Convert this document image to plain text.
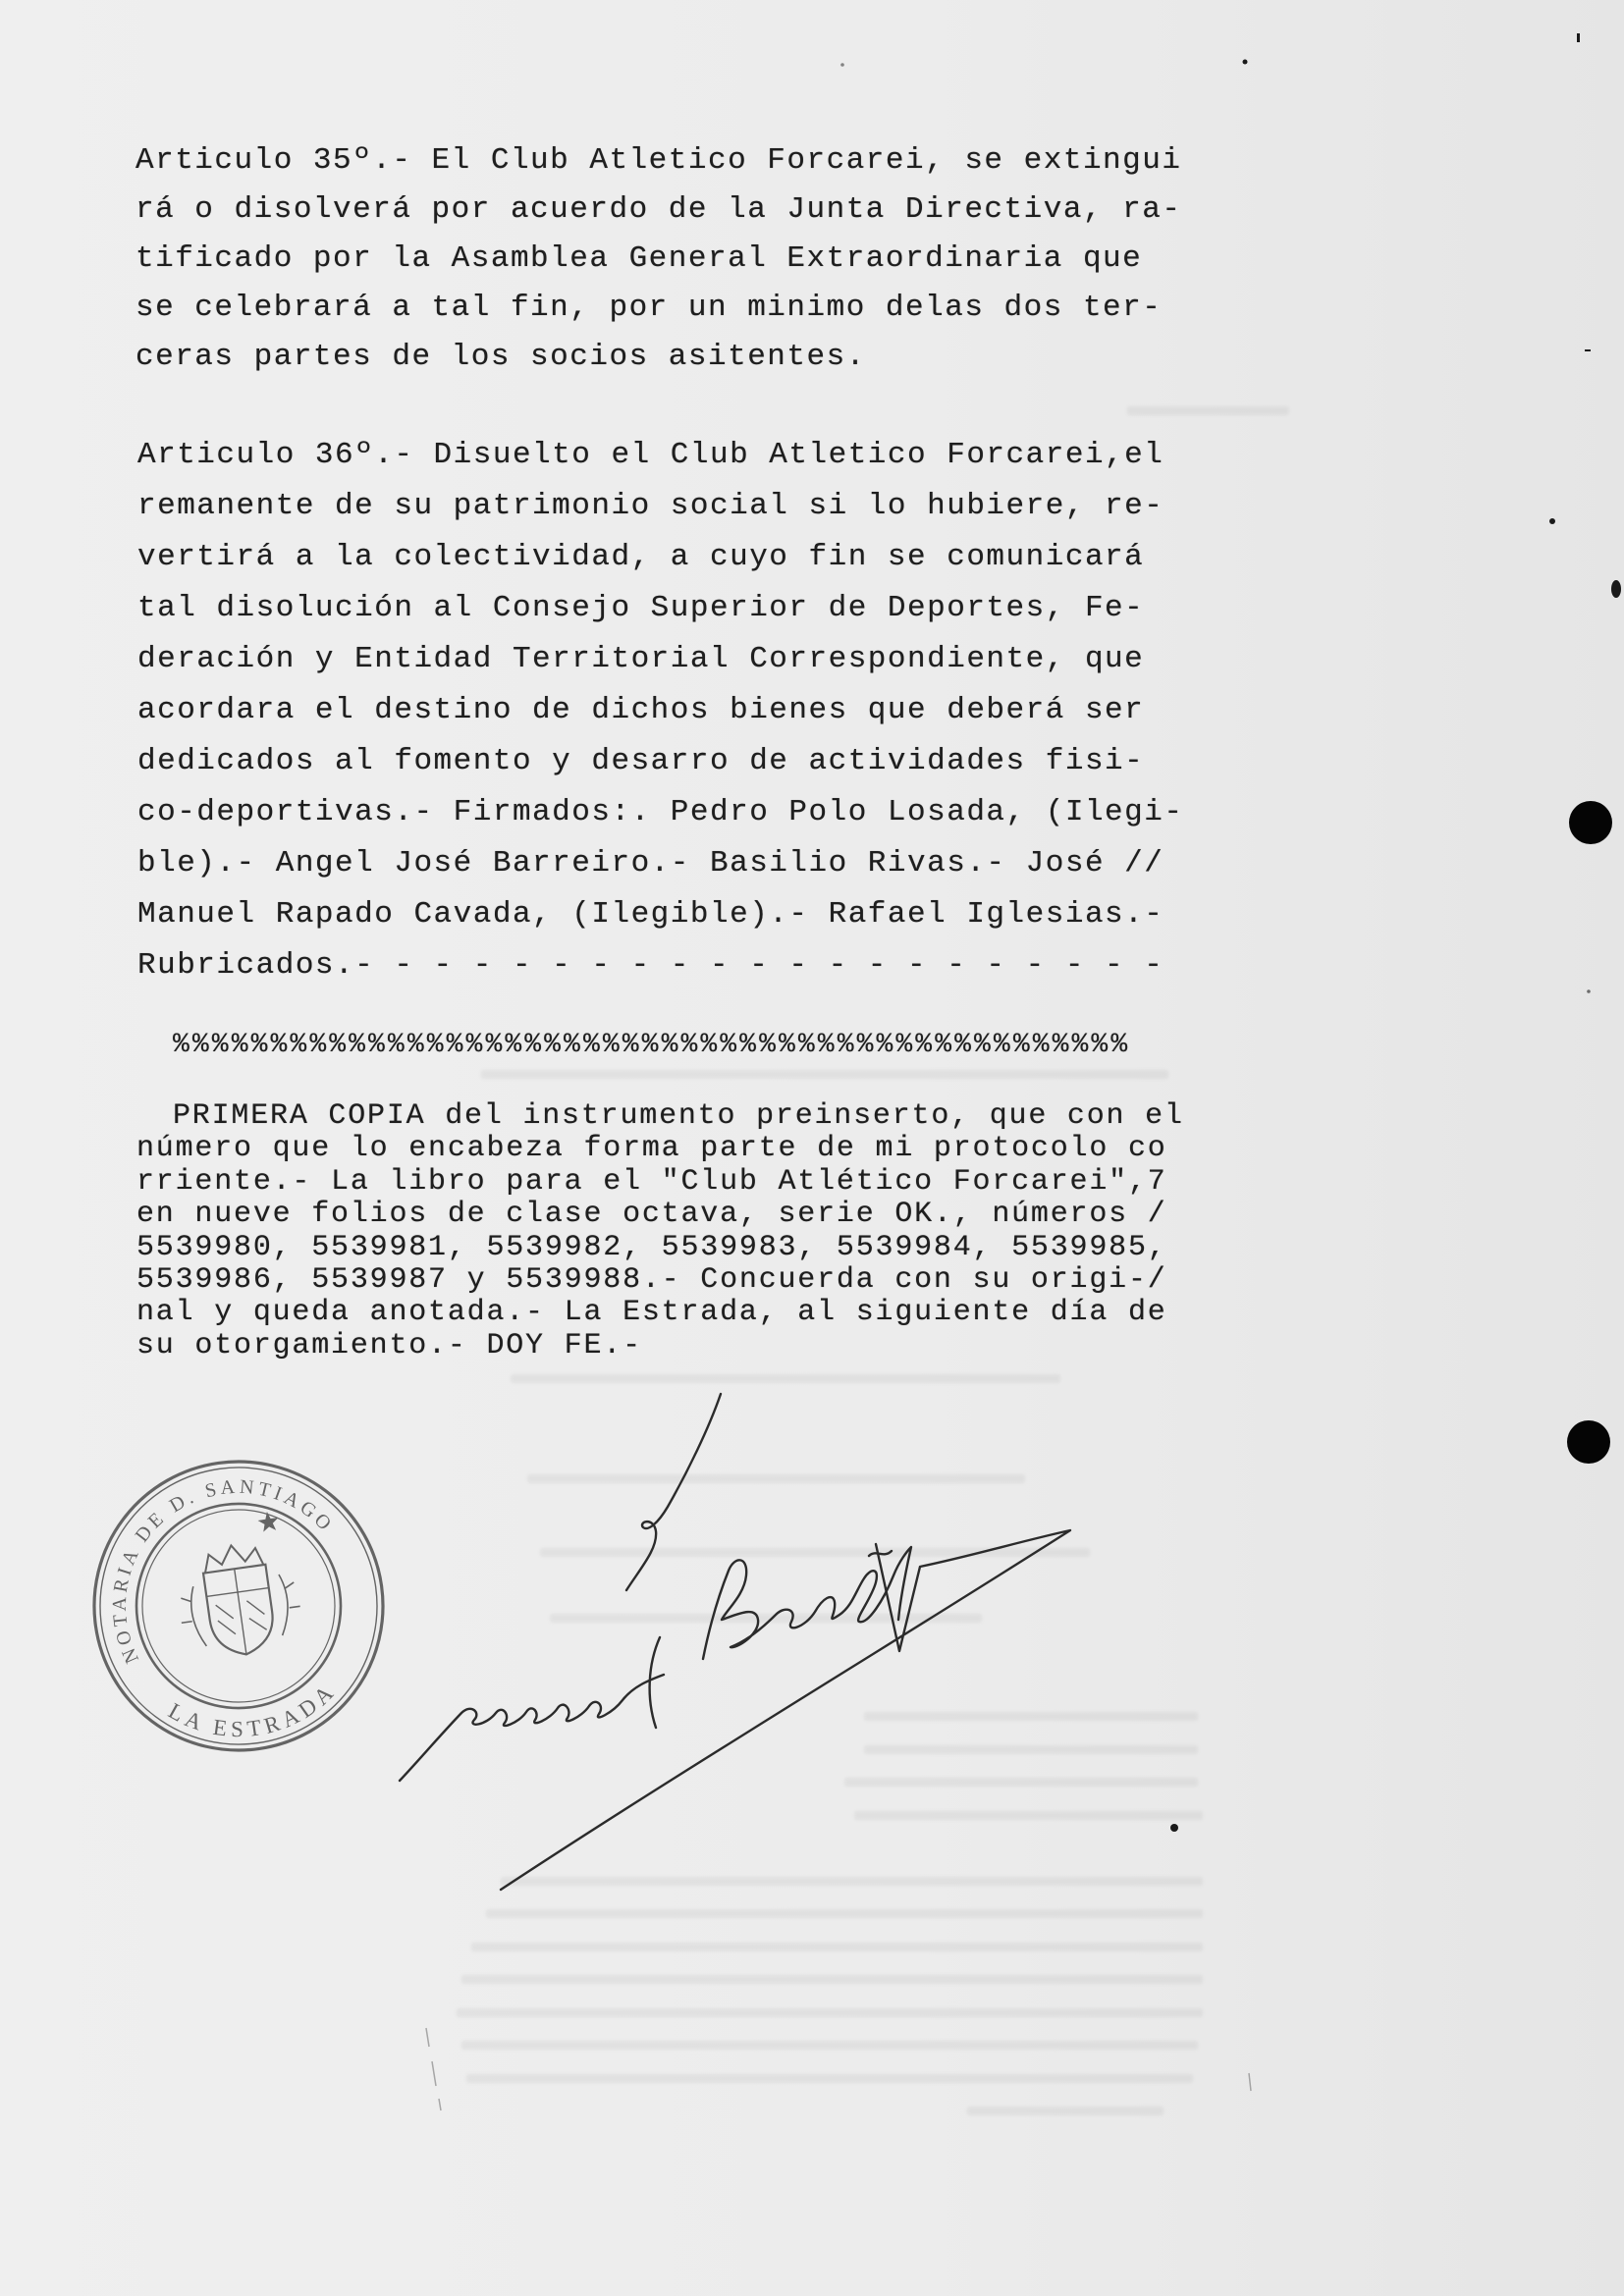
Articulo 35º.- El Club Atletico Forcarei, se extingui
rá o disolverá por acuerdo de la Junta Directiva, ra-
tificado por la Asamblea General Extraordinaria que
se celebrará a tal fin, por un minimo delas dos ter-
ceras partes de los socios asitentes.
Articulo 36º.- Disuelto el Club Atletico Forcarei,el
remanente de su patrimonio social si lo hubiere, re-
vertirá a la colectividad, a cuyo fin se comunicará
tal disolución al Consejo Superior de Deportes, Fe-
deración y Entidad Territorial Correspondiente, que
acordara el destino de dichos bienes que deberá ser
dedicados al fomento y desarro de actividades fisi-
co-deportivas.- Firmados:. Pedro Polo Losada, (Ilegi-
ble).- Angel José Barreiro.- Basilio Rivas.- José //
Manuel Rapado Cavada, (Ilegible).- Rafael Iglesias.-
Rubricados.- - - - - - - - - - - - - - - - - - - - -
%%%%%%%%%%%%%%%%%%%%%%%%%%%%%%%%%%%%%%%%%%%%%%%%%
PRIMERA COPIA del instrumento preinserto, que con el
número que lo encabeza forma parte de mi protocolo co
rriente.- La libro para el "Club Atlético Forcarei",7
en nueve folios de clase octava, serie OK., números /
5539980, 5539981, 5539982, 5539983, 5539984, 5539985,
5539986, 5539987 y 5539988.- Concuerda con su origi-/
nal y queda anotada.- La Estrada, al siguiente día de
su otorgamiento.- DOY FE.-
NOTARIA DE D. SANTIAGO
LA ESTRADA
